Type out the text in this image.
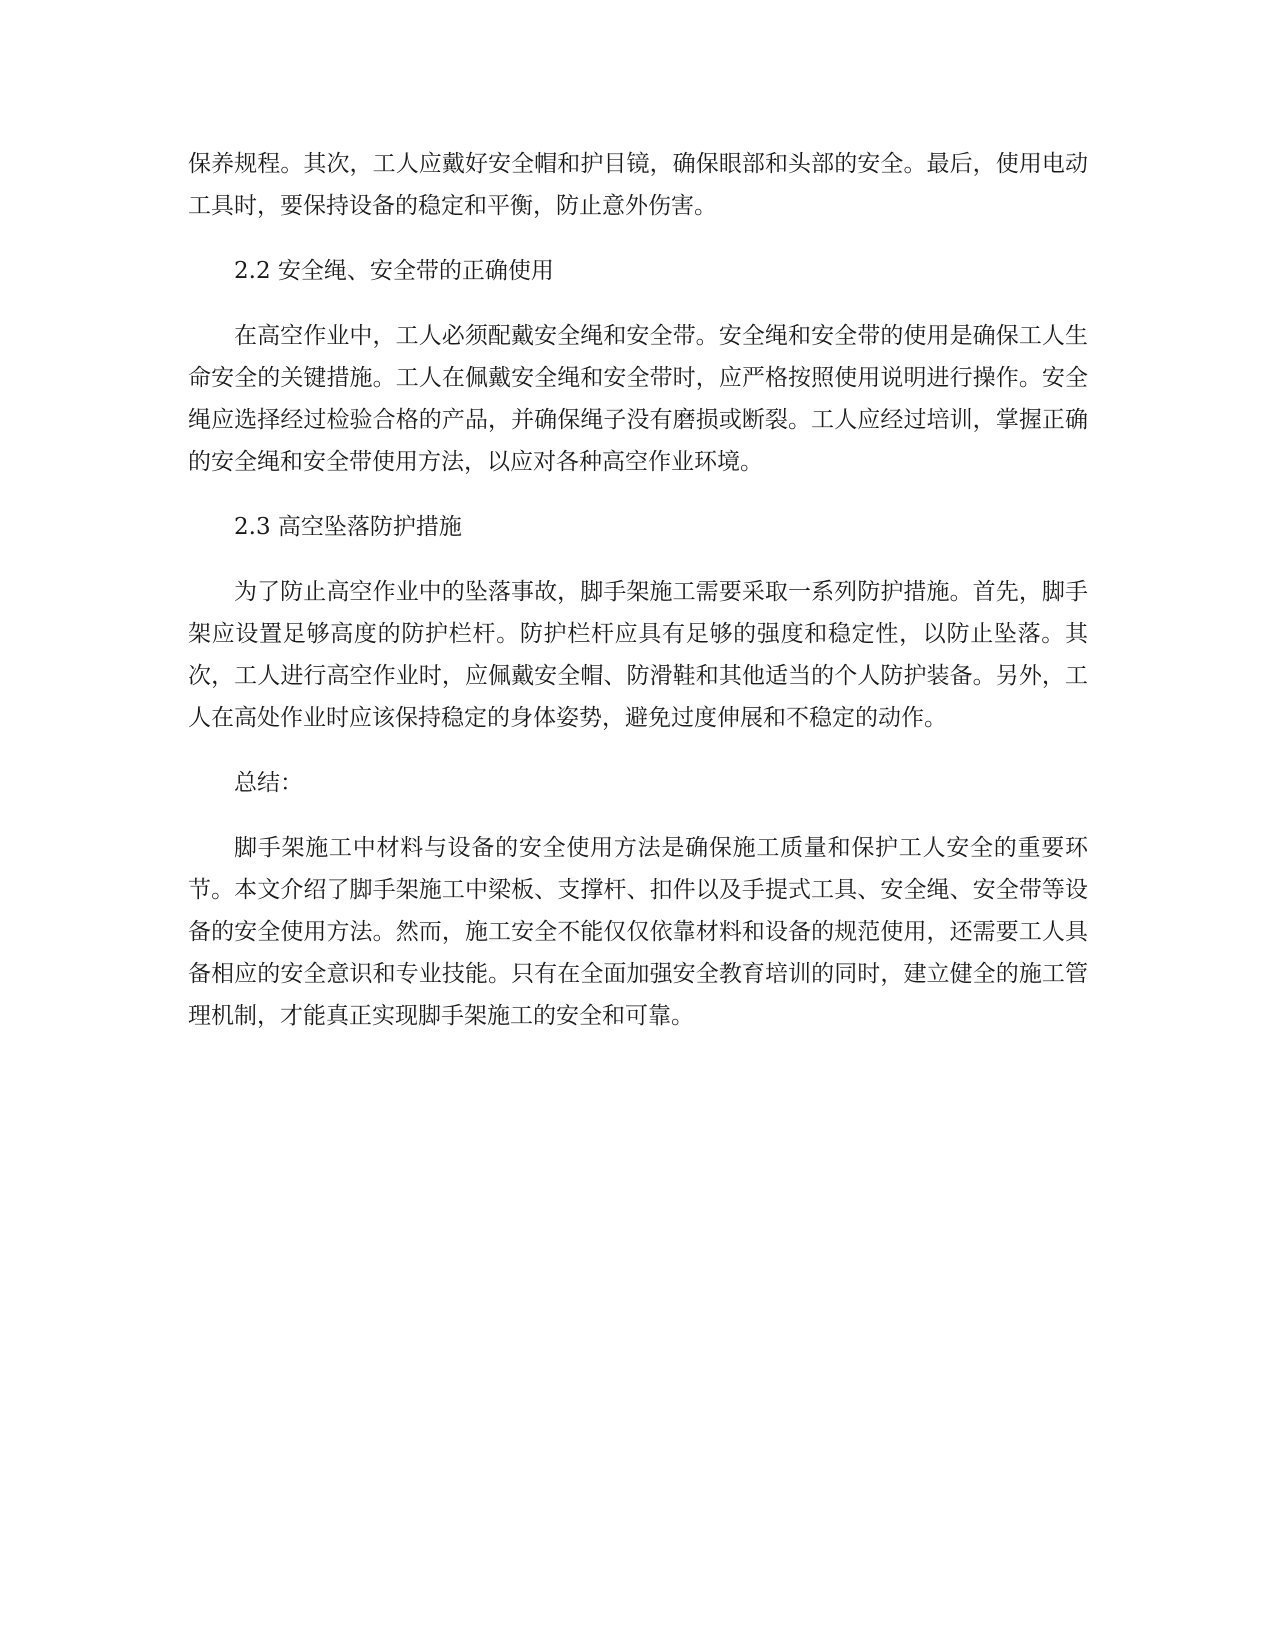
保养规程。其次，工人应戴好安全帽和护目镜，确保眼部和头部的安全。最后，使用电动工具时，要保持设备的稳定和平衡，防止意外伤害。

2.2 安全绳、安全带的正确使用

在高空作业中，工人必须配戴安全绳和安全带。安全绳和安全带的使用是确保工人生命安全的关键措施。工人在佩戴安全绳和安全带时，应严格按照使用说明进行操作。安全绳应选择经过检验合格的产品，并确保绳子没有磨损或断裂。工人应经过培训，掌握正确的安全绳和安全带使用方法，以应对各种高空作业环境。

2.3 高空坠落防护措施

为了防止高空作业中的坠落事故，脚手架施工需要采取一系列防护措施。首先，脚手架应设置足够高度的防护栏杆。防护栏杆应具有足够的强度和稳定性，以防止坠落。其次，工人进行高空作业时，应佩戴安全帽、防滑鞋和其他适当的个人防护装备。另外，工人在高处作业时应该保持稳定的身体姿势，避免过度伸展和不稳定的动作。

总结：

脚手架施工中材料与设备的安全使用方法是确保施工质量和保护工人安全的重要环节。本文介绍了脚手架施工中梁板、支撑杆、扣件以及手提式工具、安全绳、安全带等设备的安全使用方法。然而，施工安全不能仅仅依靠材料和设备的规范使用，还需要工人具备相应的安全意识和专业技能。只有在全面加强安全教育培训的同时，建立健全的施工管理机制，才能真正实现脚手架施工的安全和可靠。
